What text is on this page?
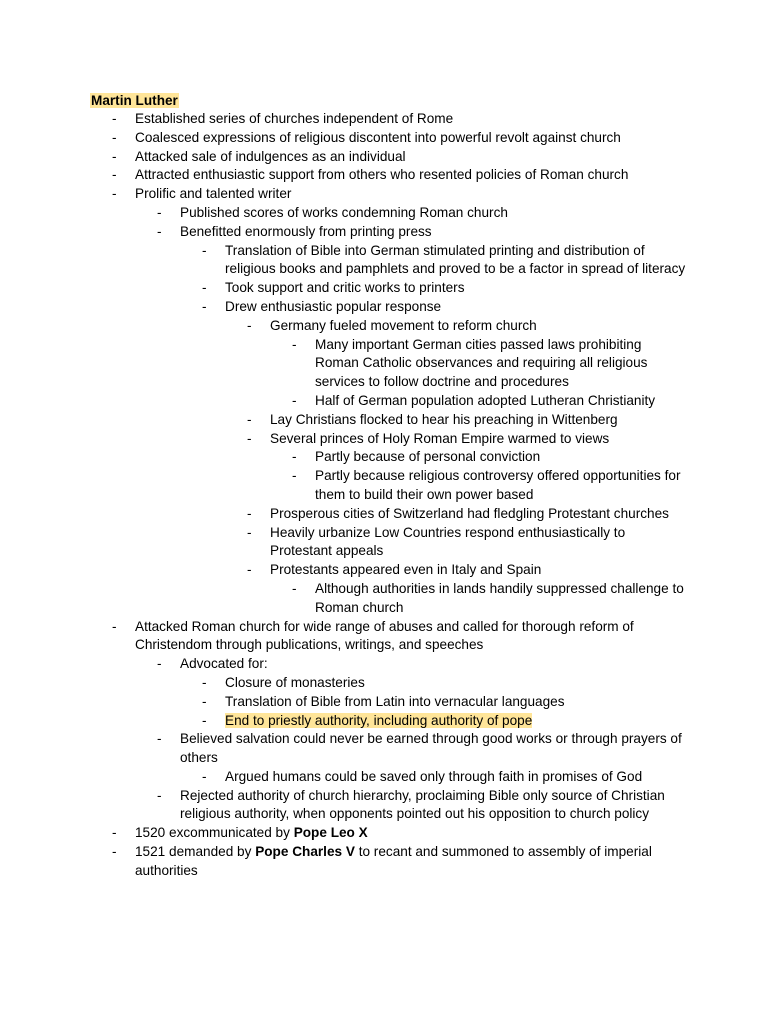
Martin Luther
- Established series of churches independent of Rome
- Coalesced expressions of religious discontent into powerful revolt against church
- Attacked sale of indulgences as an individual
- Attracted enthusiastic support from others who resented policies of Roman church
- Prolific and talented writer
- Published scores of works condemning Roman church
- Benefitted enormously from printing press
- Translation of Bible into German stimulated printing and distribution of religious books and pamphlets and proved to be a factor in spread of literacy
- Took support and critic works to printers
- Drew enthusiastic popular response
- Germany fueled movement to reform church
- Many important German cities passed laws prohibiting Roman Catholic observances and requiring all religious services to follow doctrine and procedures
- Half of German population adopted Lutheran Christianity
- Lay Christians flocked to hear his preaching in Wittenberg
- Several princes of Holy Roman Empire warmed to views
- Partly because of personal conviction
- Partly because religious controversy offered opportunities for them to build their own power based
- Prosperous cities of Switzerland had fledgling Protestant churches
- Heavily urbanize Low Countries respond enthusiastically to Protestant appeals
- Protestants appeared even in Italy and Spain
- Although authorities in lands handily suppressed challenge to Roman church
- Attacked Roman church for wide range of abuses and called for thorough reform of Christendom through publications, writings, and speeches
- Advocated for:
- Closure of monasteries
- Translation of Bible from Latin into vernacular languages
- End to priestly authority, including authority of pope
- Believed salvation could never be earned through good works or through prayers of others
- Argued humans could be saved only through faith in promises of God
- Rejected authority of church hierarchy, proclaiming Bible only source of Christian religious authority, when opponents pointed out his opposition to church policy
- 1520 excommunicated by Pope Leo X
- 1521 demanded by Pope Charles V to recant and summoned to assembly of imperial authorities
